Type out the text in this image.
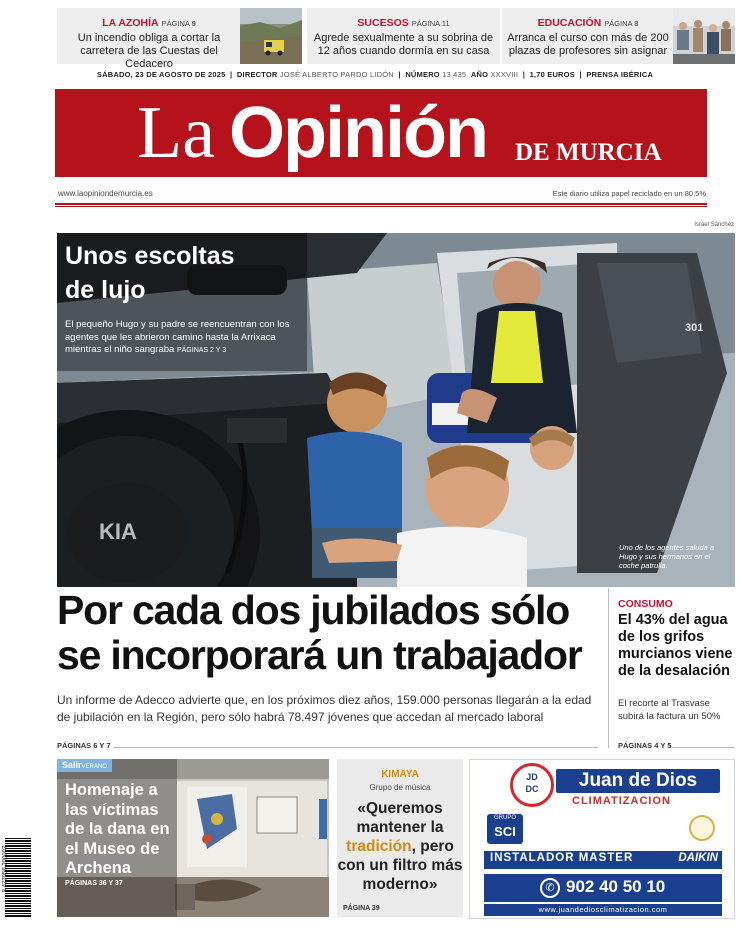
LA AZOHÍA PÁGINA 9
Un incendio obliga a cortar la carretera de las Cuestas del Cedacero
SUCESOS PÁGINA 11
Agrede sexualmente a su sobrina de 12 años cuando dormía en su casa
EDUCACIÓN PÁGINA 8
Arranca el curso con más de 200 plazas de profesores sin asignar
SÁBADO, 23 DE AGOSTO DE 2025  |  DIRECTOR JOSÉ ALBERTO PARDO LIDÓN  |  NÚMERO 13.435 AÑO XXXVIII  |  1,70 EUROS  |  PRENSA IBÉRICA
La Opinión DE MURCIA
www.laopiniondemurcia.es	Este diario utiliza papel reciclado en un 80,5%
Israel Sánchez
KIA
301
Unos escoltas
de lujo
El pequeño Hugo y su padre se reencuentran con los agentes que les abrieron camino hasta la Arrixaca mientras el niño sangraba PÁGINAS 2 Y 3
Uno de los agentes saluda a Hugo y sus hermanos en el coche patrulla.
Por cada dos jubilados sólo se incorporará un trabajador
Un informe de Adecco advierte que, en los próximos diez años, 159.000 personas llegarán a la edad de jubilación en la Región, pero sólo habrá 78.497 jóvenes que accedan al mercado laboral
PÁGINAS 6 Y 7
CONSUMO
El 43% del agua de los grifos murcianos viene de la desalación
El recorte al Trasvase subirá la factura un 50%
PÁGINAS 4 Y 5
SalirVERANO
Homenaje a las víctimas de la dana en el Museo de Archena
PÁGINAS 36 Y 37
KIMAYA
Grupo de música
«Queremos mantener la tradición, pero con un filtro más moderno»
PÁGINA 39
JD
DC	Juan de Dios
CLIMATIZACION
GRUPO
SCI
INSTALADOR MASTER	DAIKIN
✆ 902 40 50 10
www.juandediosclimatizacion.com
8 477056 200007
